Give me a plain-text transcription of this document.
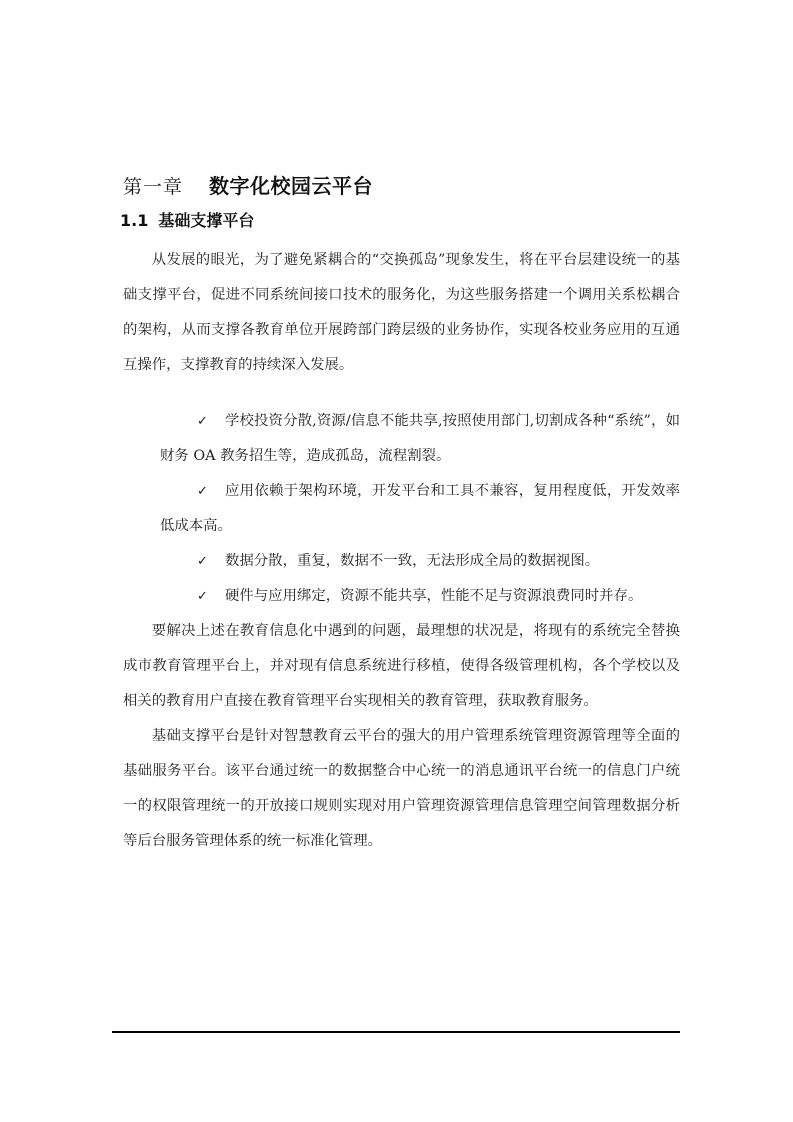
第一章 数字化校园云平台
1.1 基础支撑平台

从发展的眼光，为了避免紧耦合的“交换孤岛”现象发生，将在平台层建设统一的基础支撑平台，促进不同系统间接口技术的服务化，为这些服务搭建一个调用关系松耦合的架构，从而支撑各教育单位开展跨部门跨层级的业务协作，实现各校业务应用的互通互操作，支撑教育的持续深入发展。

✓	学校投资分散,资源/信息不能共享,按照使用部门,切割成各种“系统”，如财务 OA 教务招生等，造成孤岛，流程割裂。
✓	应用依赖于架构环境，开发平台和工具不兼容，复用程度低，开发效率低成本高。
✓	数据分散，重复，数据不一致，无法形成全局的数据视图。
✓	硬件与应用绑定，资源不能共享，性能不足与资源浪费同时并存。

要解决上述在教育信息化中遇到的问题，最理想的状况是，将现有的系统完全替换成市教育管理平台上，并对现有信息系统进行移植，使得各级管理机构，各个学校以及相关的教育用户直接在教育管理平台实现相关的教育管理，获取教育服务。

基础支撑平台是针对智慧教育云平台的强大的用户管理系统管理资源管理等全面的基础服务平台。该平台通过统一的数据整合中心统一的消息通讯平台统一的信息门户统一的权限管理统一的开放接口规则实现对用户管理资源管理信息管理空间管理数据分析等后台服务管理体系的统一标准化管理。
